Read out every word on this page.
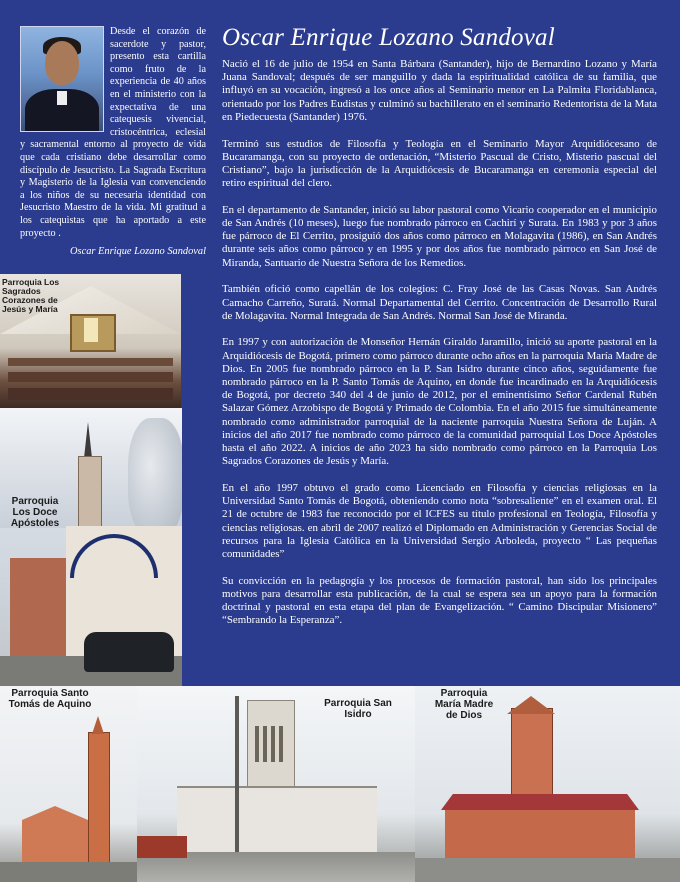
Desde el corazón de sacerdote y pastor, presento esta cartilla como fruto de la experiencia de 40 años en el ministerio con la expectativa de una catequesis vivencial, cristocéntrica, eclesial y sacramental entorno al proyecto de vida que cada cristiano debe desarrollar como discípulo de Jesucristo. La Sagrada Escritura y Magisterio de la Iglesia van convenciendo a los niños de su necesaria identidad con Jesucristo Maestro de la vida. Mi gratitud a los catequistas que ha aportado a este proyecto .
Oscar Enrique Lozano Sandoval
Oscar Enrique Lozano Sandoval

Nació el 16 de julio de 1954 en Santa Bárbara (Santander), hijo de Bernardino Lozano y María Juana Sandoval; después de ser manguillo y dada la espiritualidad católica de su familia, que influyó en su vocación, ingresó a los once años al Seminario menor en La Palmita Floridablanca, orientado por los Padres Eudistas y culminó su bachillerato en el seminario Redentorista de la Mata en Piedecuesta (Santander) 1976.

Terminó sus estudios de Filosofía y Teología en el Seminario Mayor Arquidiócesano de Bucaramanga, con su proyecto de ordenación, “Misterio Pascual de Cristo, Misterio pascual del Cristiano”, bajo la jurisdicción de la Arquidiócesis de Bucaramanga en ceremonia especial del retiro espiritual del clero.

En el departamento de Santander, inició su labor pastoral como Vicario cooperador en el municipio de San Andrés (10 meses), luego fue nombrado párroco en Cachirí y Surata. En 1983 y por 3 años fue párroco de El Cerrito, prosiguió dos años como párroco en Molagavita (1986), en San Andrés durante seis años como párroco y en 1995 y por dos años fue nombrado párroco en San José de Miranda, Santuario de Nuestra Señora de los Remedios.

También ofició como capellán de los colegios: C. Fray José de las Casas Novas. San Andrés Camacho Carreño, Suratá. Normal Departamental del Cerrito. Concentración de Desarrollo Rural de Molagavita. Normal Integrada de San Andrés. Normal San José de Miranda.

En 1997 y con autorización de Monseñor Hernán Giraldo Jaramillo, inició su aporte pastoral en la Arquidiócesis de Bogotá, primero como párroco durante ocho años en la parroquia María Madre de Dios. En 2005 fue nombrado párroco en la P. San Isidro durante cinco años, seguidamente fue nombrado párroco en la P. Santo Tomás de Aquino, en donde fue incardinado en la Arquidiócesis de Bogotá, por decreto 340 del 4 de junio de 2012, por el eminentísimo Señor Cardenal Rubén Salazar Gómez Arzobispo de Bogotá y Primado de Colombia. En el año 2015 fue simultáneamente nombrado como administrador parroquial de la naciente parroquia Nuestra Señora de Luján. A inicios del año 2017 fue nombrado como párroco de la comunidad parroquial Los Doce Apóstoles hasta el año 2022. A inicios de año 2023 ha sido nombrado como párroco en la Parroquia Los Sagrados Corazones de Jesús y María.

En el año 1997 obtuvo el grado como Licenciado en Filosofía y ciencias religiosas en la Universidad Santo Tomás de Bogotá, obteniendo como nota “sobresaliente” en el examen oral. El 21 de octubre de 1983 fue reconocido por el ICFES su título profesional en Teología, Filosofía y ciencias religiosas. en abril de 2007 realizó el Diplomado en Administración y Gerencias Social de recursos para la Iglesia Católica en la Universidad Sergio Arboleda, proyecto “ Las pequeñas comunidades”

Su convicción en la pedagogía y los procesos de formación pastoral, han sido los principales motivos para desarrollar esta publicación, de la cual se espera sea un apoyo para la formación doctrinal y pastoral en esta etapa del plan de Evangelización. “ Camino Discipular Misionero” “Sembrando la Esperanza”.

Parroquia Los Sagrados Corazones de Jesús y María
Parroquia Los Doce Apóstoles
Parroquia Santo Tomás de Aquino	Parroquia San Isidro
Parroquia María Madre de Dios
